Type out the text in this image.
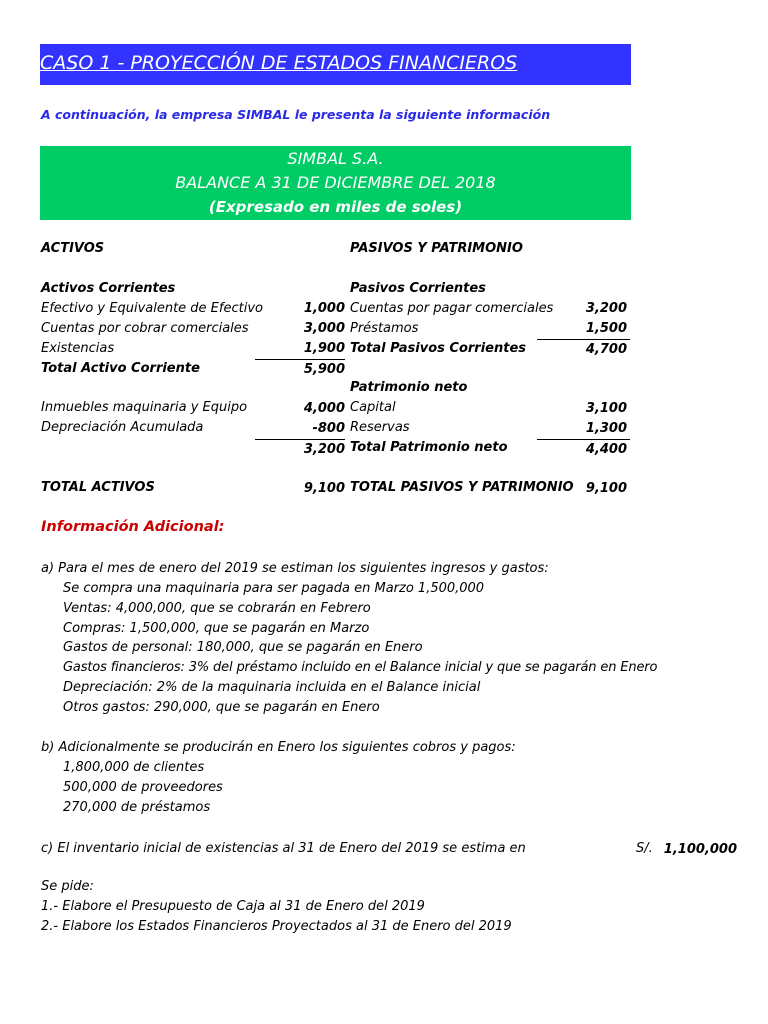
CASO 1 - PROYECCIÓN DE ESTADOS FINANCIEROS
A continuación, la empresa SIMBAL le presenta la siguiente información
SIMBAL S.A.
BALANCE A 31 DE DICIEMBRE DEL 2018
(Expresado en miles de soles)
ACTIVOS
Activos Corrientes
Efectivo y Equivalente de Efectivo	1,000
Cuentas por cobrar comerciales	3,000
Existencias	1,900
Total Activo Corriente	5,900
Inmuebles maquinaria y Equipo	4,000
Depreciación Acumulada	-800
3,200
TOTAL ACTIVOS	9,100
PASIVOS Y PATRIMONIO
Pasivos Corrientes
Cuentas por pagar comerciales	3,200
Préstamos	1,500
Total Pasivos Corrientes	4,700
Patrimonio neto
Capital	3,100
Reservas	1,300
Total Patrimonio neto	4,400
TOTAL PASIVOS Y PATRIMONIO 9,100
Información Adicional:
a) Para el mes de enero del 2019 se estiman los siguientes ingresos y gastos:
Se compra una maquinaria para ser pagada en Marzo 1,500,000
Ventas: 4,000,000, que se cobrarán en Febrero
Compras: 1,500,000, que se pagarán en Marzo
Gastos de personal: 180,000, que se pagarán en Enero
Gastos financieros: 3% del préstamo incluido en el Balance inicial y que se pagarán en Enero
Depreciación: 2% de la maquinaria incluida en el Balance inicial
Otros gastos: 290,000, que se pagarán en Enero
b) Adicionalmente se producirán en Enero los siguientes cobros y pagos:
1,800,000 de clientes
500,000 de proveedores
270,000 de préstamos
c) El inventario inicial de existencias al 31 de Enero del 2019 se estima en	S/. 1,100,000
Se pide:
1.- Elabore el Presupuesto de Caja al 31 de Enero del 2019
2.- Elabore los Estados Financieros Proyectados al 31 de Enero del 2019
